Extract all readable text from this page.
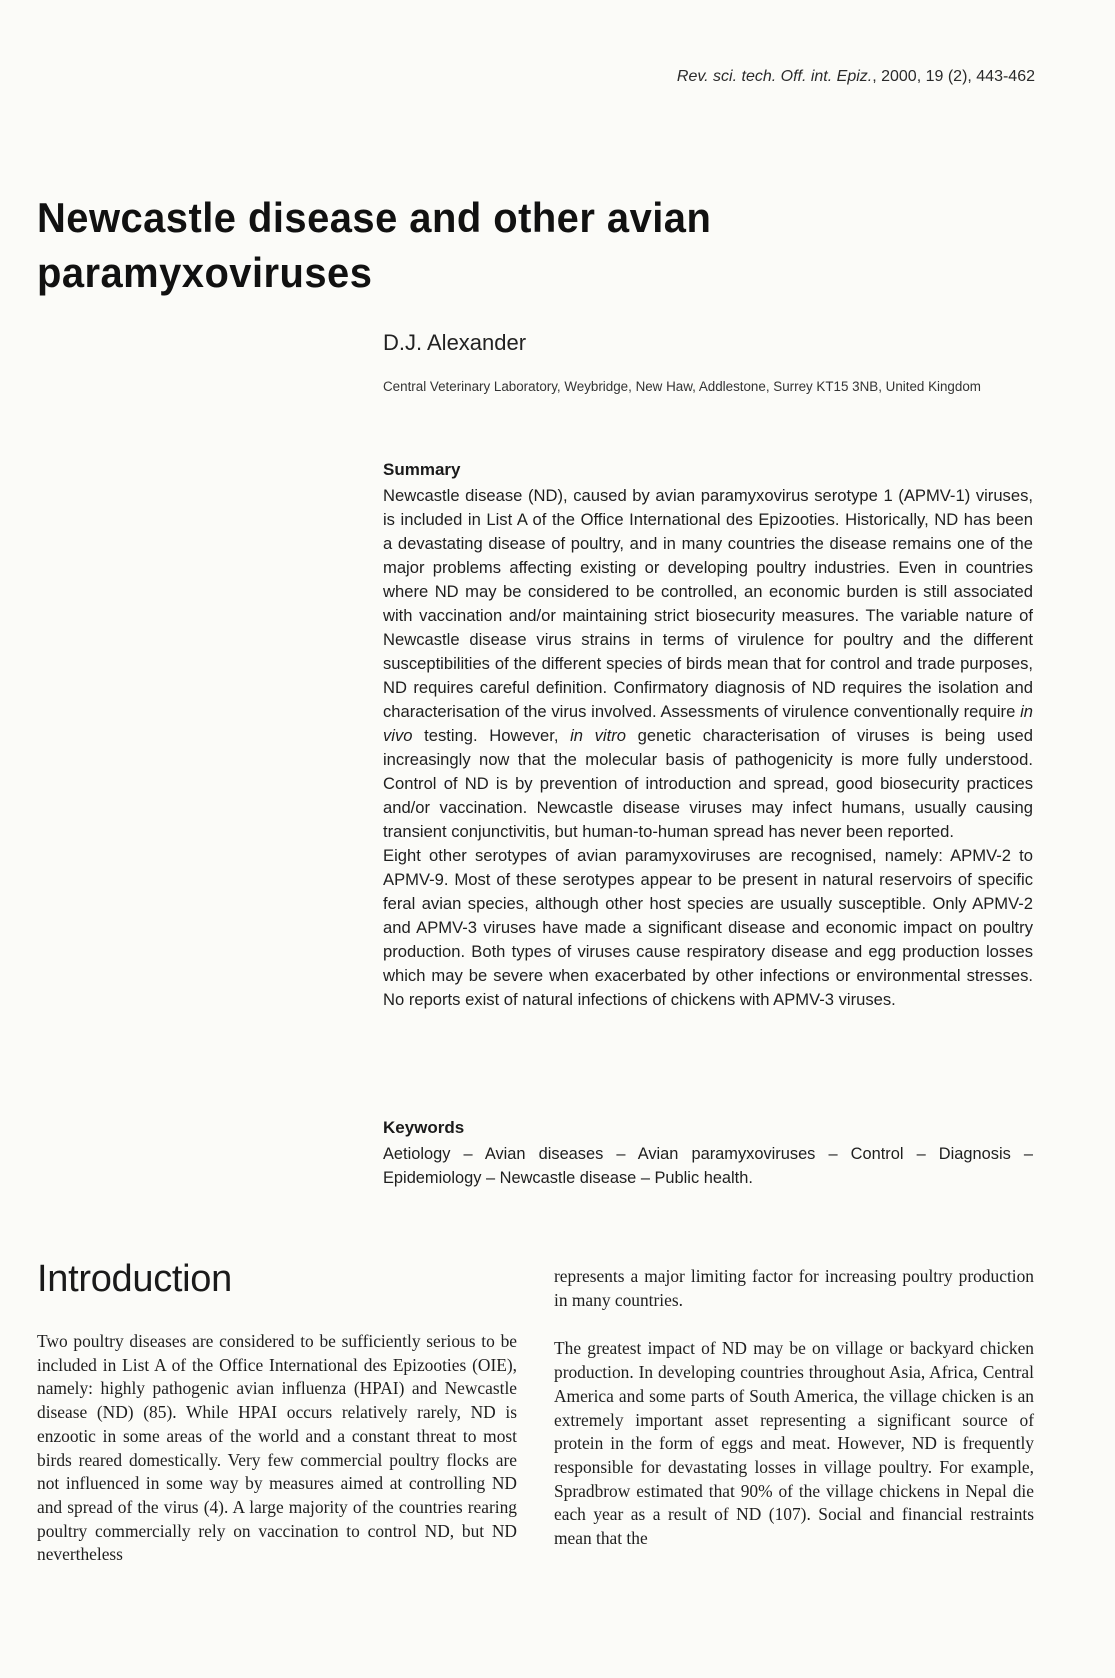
Rev. sci. tech. Off. int. Epiz., 2000, 19 (2), 443-462
Newcastle disease and other avian paramyxoviruses
D.J. Alexander
Central Veterinary Laboratory, Weybridge, New Haw, Addlestone, Surrey KT15 3NB, United Kingdom
Summary

Newcastle disease (ND), caused by avian paramyxovirus serotype 1 (APMV-1) viruses, is included in List A of the Office International des Epizooties. Historically, ND has been a devastating disease of poultry, and in many countries the disease remains one of the major problems affecting existing or developing poultry industries. Even in countries where ND may be considered to be controlled, an economic burden is still associated with vaccination and/or maintaining strict biosecurity measures. The variable nature of Newcastle disease virus strains in terms of virulence for poultry and the different susceptibilities of the different species of birds mean that for control and trade purposes, ND requires careful definition. Confirmatory diagnosis of ND requires the isolation and characterisation of the virus involved. Assessments of virulence conventionally require in vivo testing. However, in vitro genetic characterisation of viruses is being used increasingly now that the molecular basis of pathogenicity is more fully understood. Control of ND is by prevention of introduction and spread, good biosecurity practices and/or vaccination. Newcastle disease viruses may infect humans, usually causing transient conjunctivitis, but human-to-human spread has never been reported.

Eight other serotypes of avian paramyxoviruses are recognised, namely: APMV-2 to APMV-9. Most of these serotypes appear to be present in natural reservoirs of specific feral avian species, although other host species are usually susceptible. Only APMV-2 and APMV-3 viruses have made a significant disease and economic impact on poultry production. Both types of viruses cause respiratory disease and egg production losses which may be severe when exacerbated by other infections or environmental stresses. No reports exist of natural infections of chickens with APMV-3 viruses.

Keywords
Aetiology – Avian diseases – Avian paramyxoviruses – Control – Diagnosis – Epidemiology – Newcastle disease – Public health.
Introduction

Two poultry diseases are considered to be sufficiently serious to be included in List A of the Office International des Epizooties (OIE), namely: highly pathogenic avian influenza (HPAI) and Newcastle disease (ND) (85). While HPAI occurs relatively rarely, ND is enzootic in some areas of the world and a constant threat to most birds reared domestically. Very few commercial poultry flocks are not influenced in some way by measures aimed at controlling ND and spread of the virus (4). A large majority of the countries rearing poultry commercially rely on vaccination to control ND, but ND nevertheless

represents a major limiting factor for increasing poultry production in many countries.

The greatest impact of ND may be on village or backyard chicken production. In developing countries throughout Asia, Africa, Central America and some parts of South America, the village chicken is an extremely important asset representing a significant source of protein in the form of eggs and meat. However, ND is frequently responsible for devastating losses in village poultry. For example, Spradbrow estimated that 90% of the village chickens in Nepal die each year as a result of ND (107). Social and financial restraints mean that the
